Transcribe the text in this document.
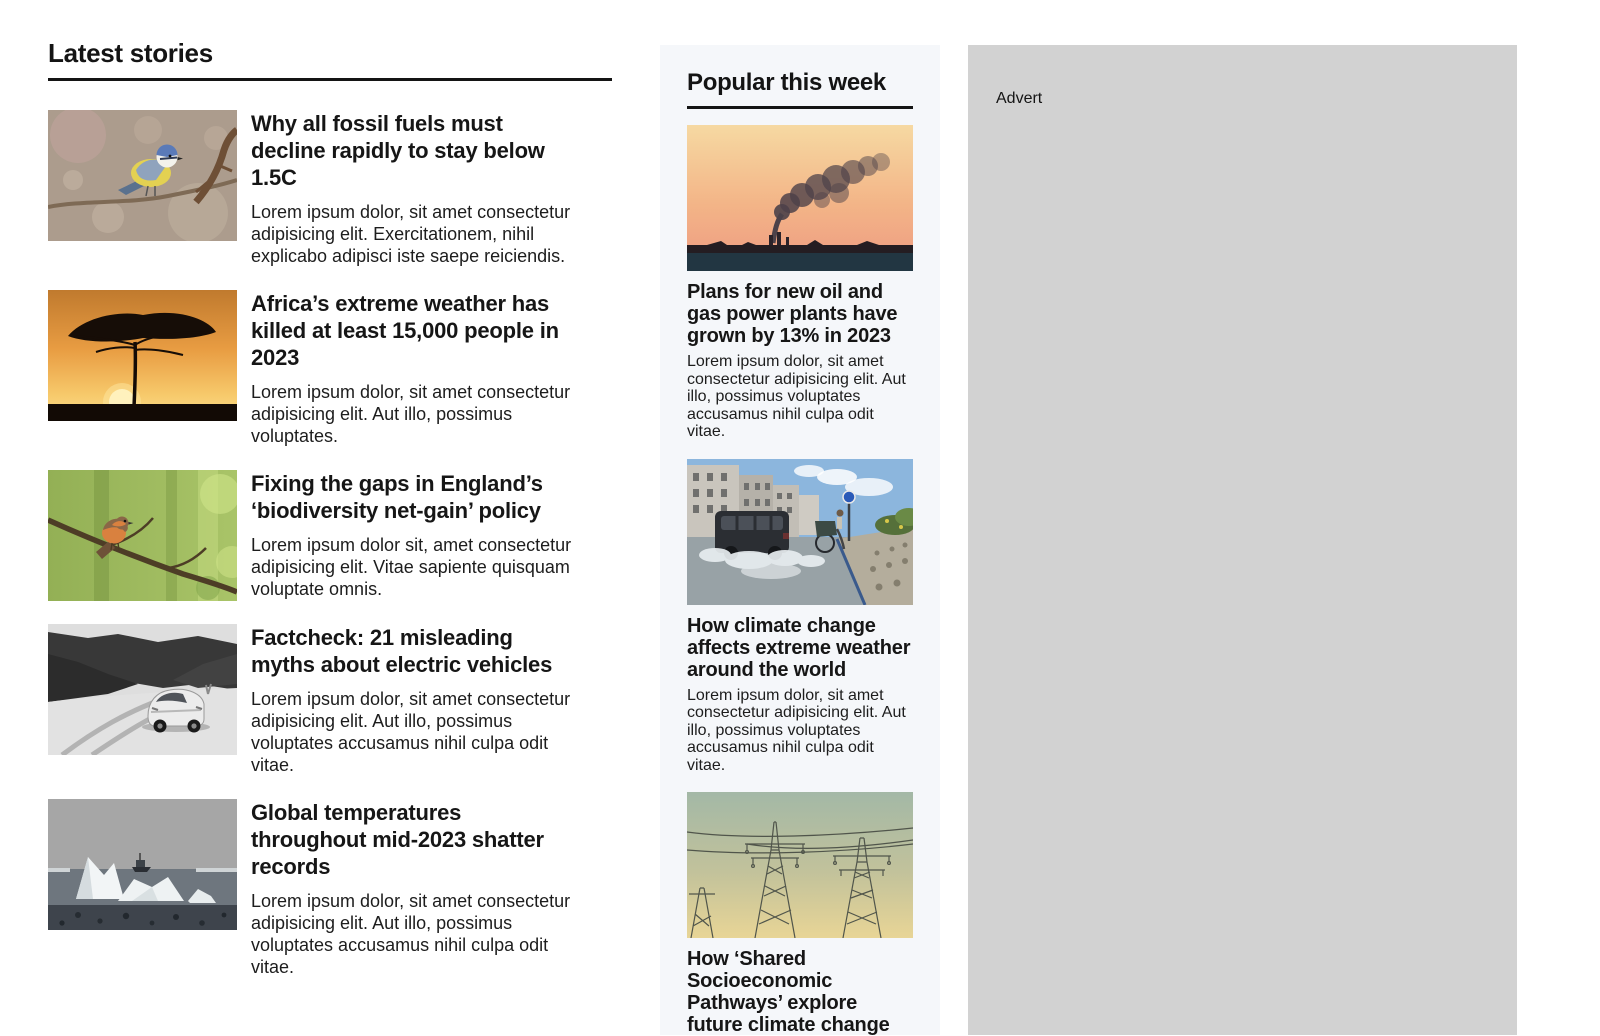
Latest stories
Why all fossil fuels must decline rapidly to stay below 1.5C

Lorem ipsum dolor, sit amet consectetur adipisicing elit. Exercitationem, nihil explicabo adipisci iste saepe reiciendis.

Africa’s extreme weather has killed at least 15,000 people in 2023

Lorem ipsum dolor, sit amet consectetur adipisicing elit. Aut illo, possimus voluptates.

Fixing the gaps in England’s ‘biodiversity net-gain’ policy

Lorem ipsum dolor sit, amet consectetur adipisicing elit. Vitae sapiente quisquam voluptate omnis.

Factcheck: 21 misleading myths about electric vehicles

Lorem ipsum dolor, sit amet consectetur adipisicing elit. Aut illo, possimus voluptates accusamus nihil culpa odit vitae.

Global temperatures throughout mid-2023 shatter records

Lorem ipsum dolor, sit amet consectetur adipisicing elit. Aut illo, possimus voluptates accusamus nihil culpa odit vitae.

Popular this week
Plans for new oil and gas power plants have grown by 13% in 2023

Lorem ipsum dolor, sit amet consectetur adipisicing elit. Aut illo, possimus voluptates accusamus nihil culpa odit vitae.

How climate change affects extreme weather around the world

Lorem ipsum dolor, sit amet consectetur adipisicing elit. Aut illo, possimus voluptates accusamus nihil culpa odit vitae.

How ‘Shared Socioeconomic Pathways’ explore future climate change

Advert
